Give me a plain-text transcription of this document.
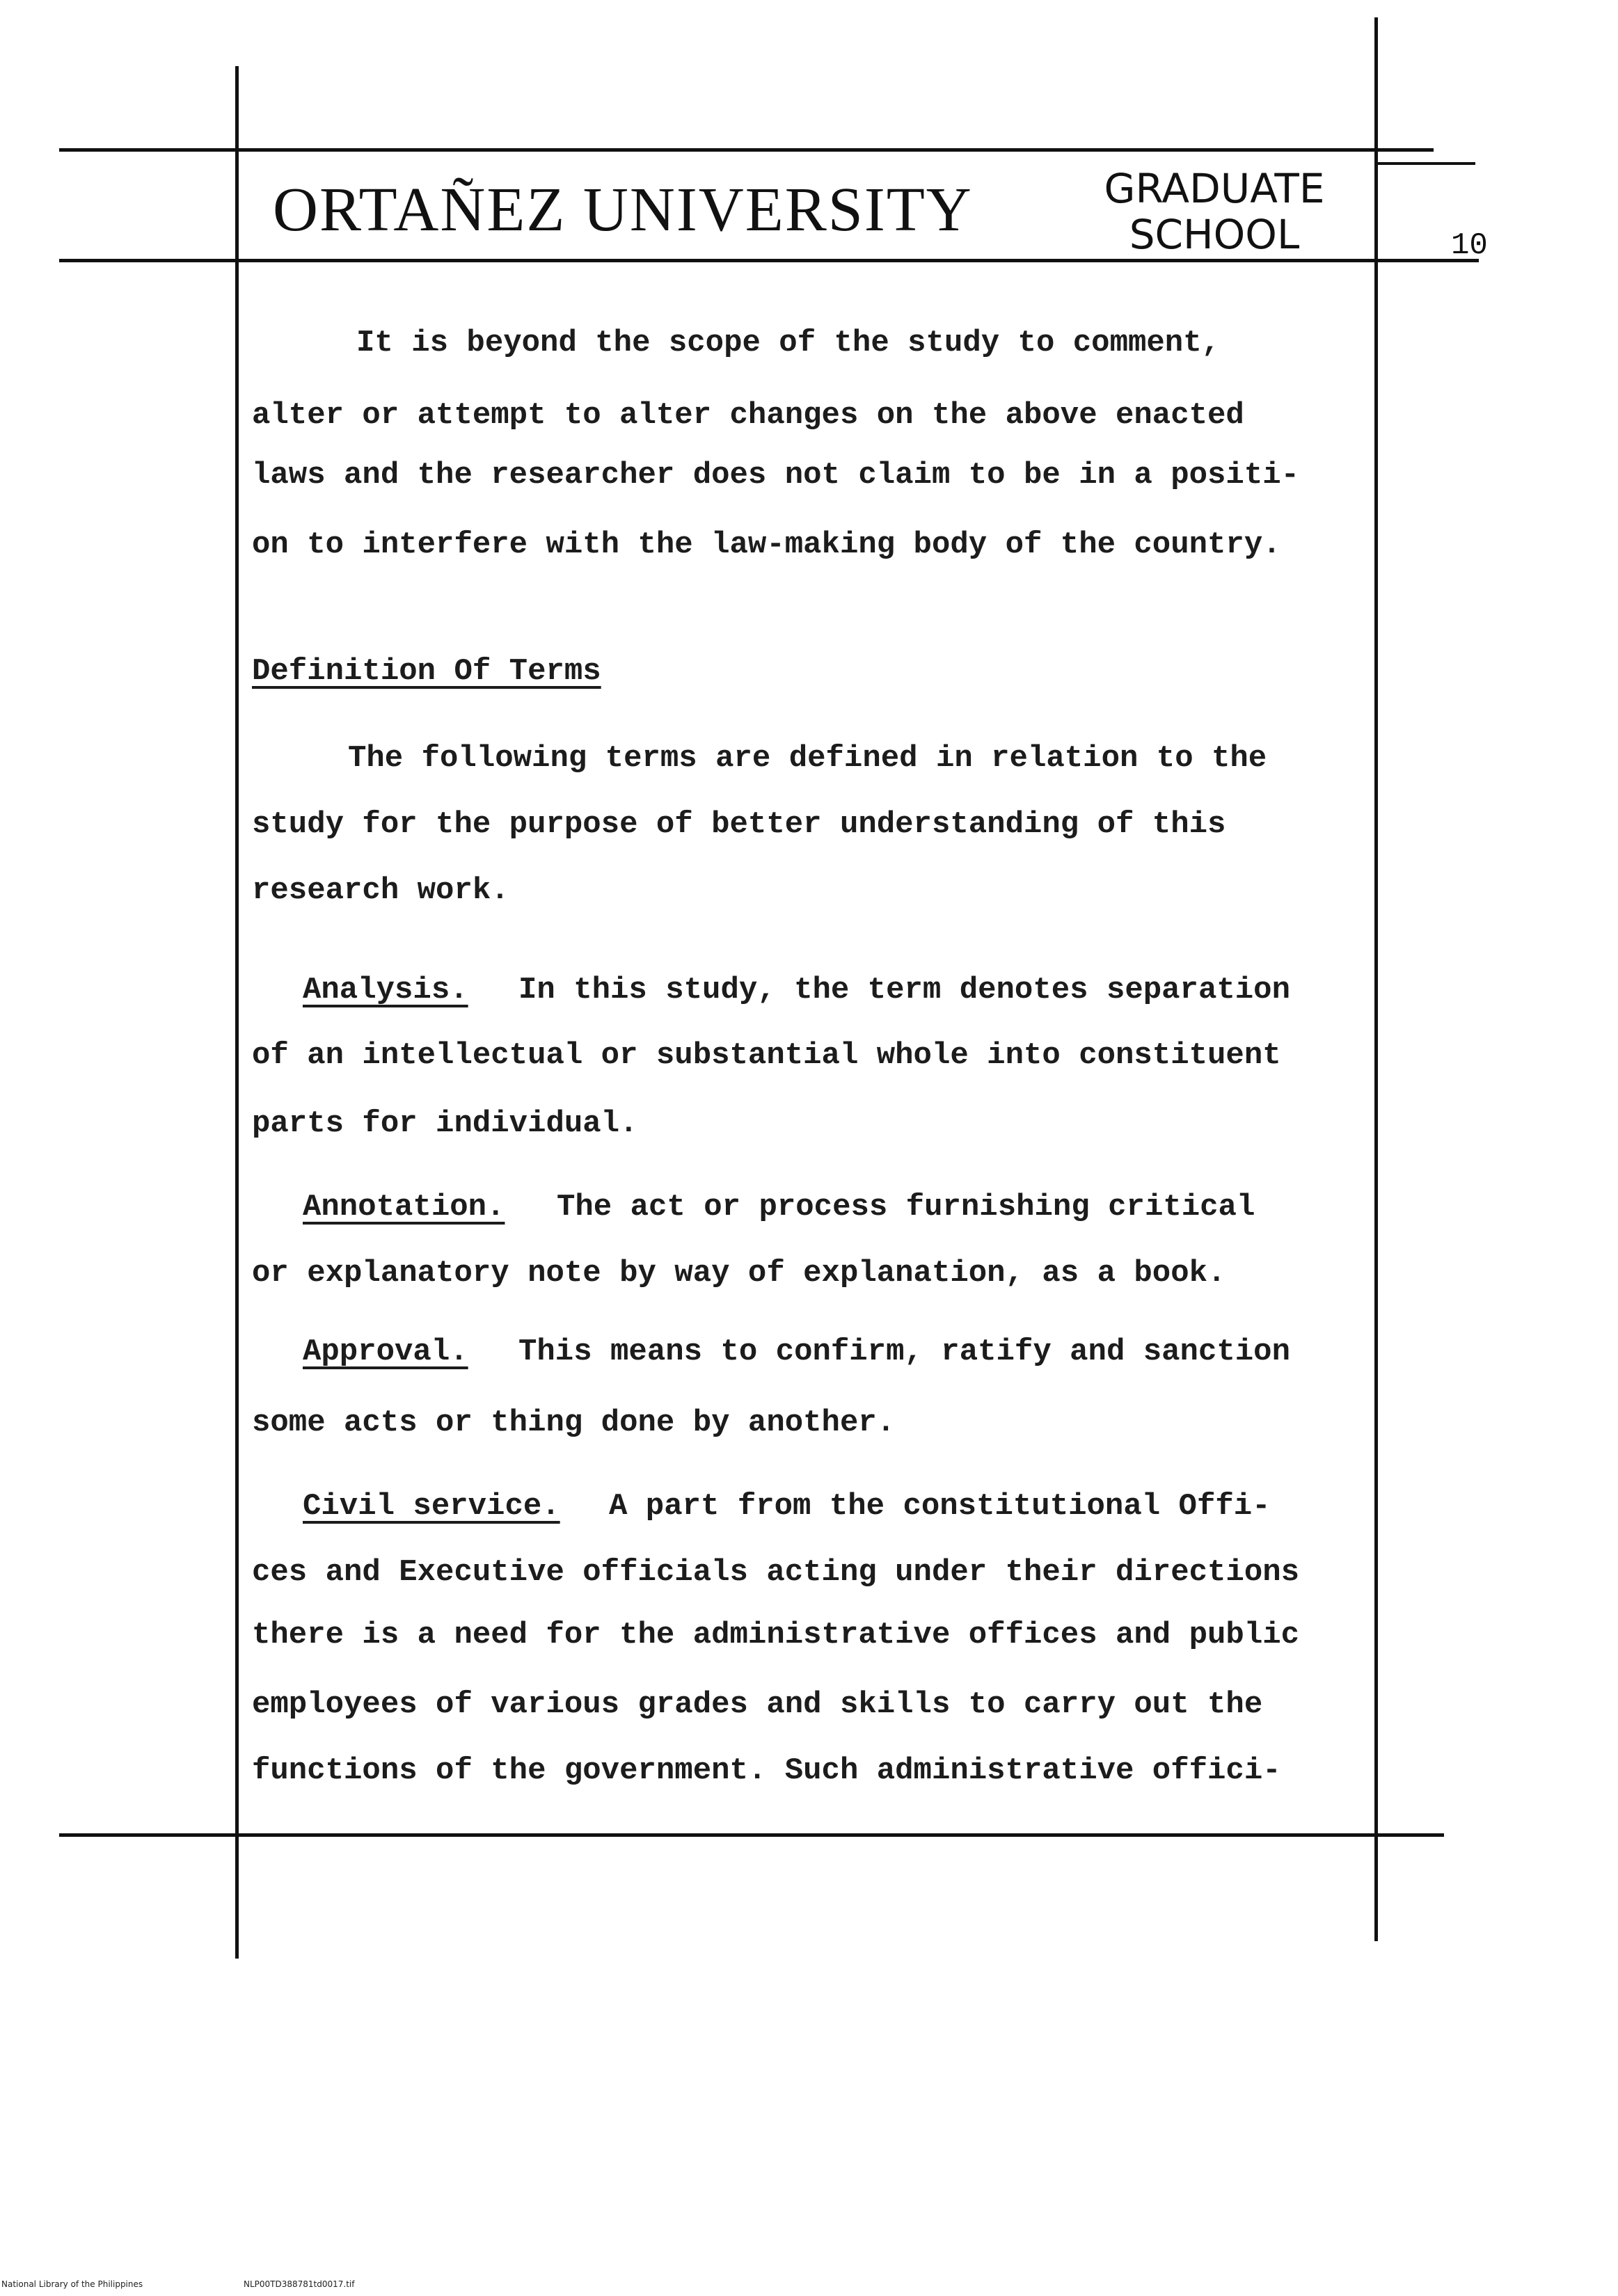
ORTAÑEZ UNIVERSITY	GRADUATE
SCHOOL	10
It is beyond the scope of the study to comment,
alter or attempt to alter changes on the above enacted
laws and the researcher does not claim to be in a positi-
on to interfere with the law-making body of the country.
Definition Of Terms
The following terms are defined in relation to the
study for the purpose of better understanding of this
research work.
Analysis. In this study, the term denotes separation
of an intellectual or substantial whole into constituent
parts for individual.
Annotation. The act or process furnishing critical
or explanatory note by way of explanation, as a book.
Approval. This means to confirm, ratify and sanction
some acts or thing done by another.
Civil service. A part from the constitutional Offi-
ces and Executive officials acting under their directions
there is a need for the administrative offices and public
employees of various grades and skills to carry out the
functions of the government. Such administrative offici-
National Library of the Philippines	NLP00TD388781td0017.tif
